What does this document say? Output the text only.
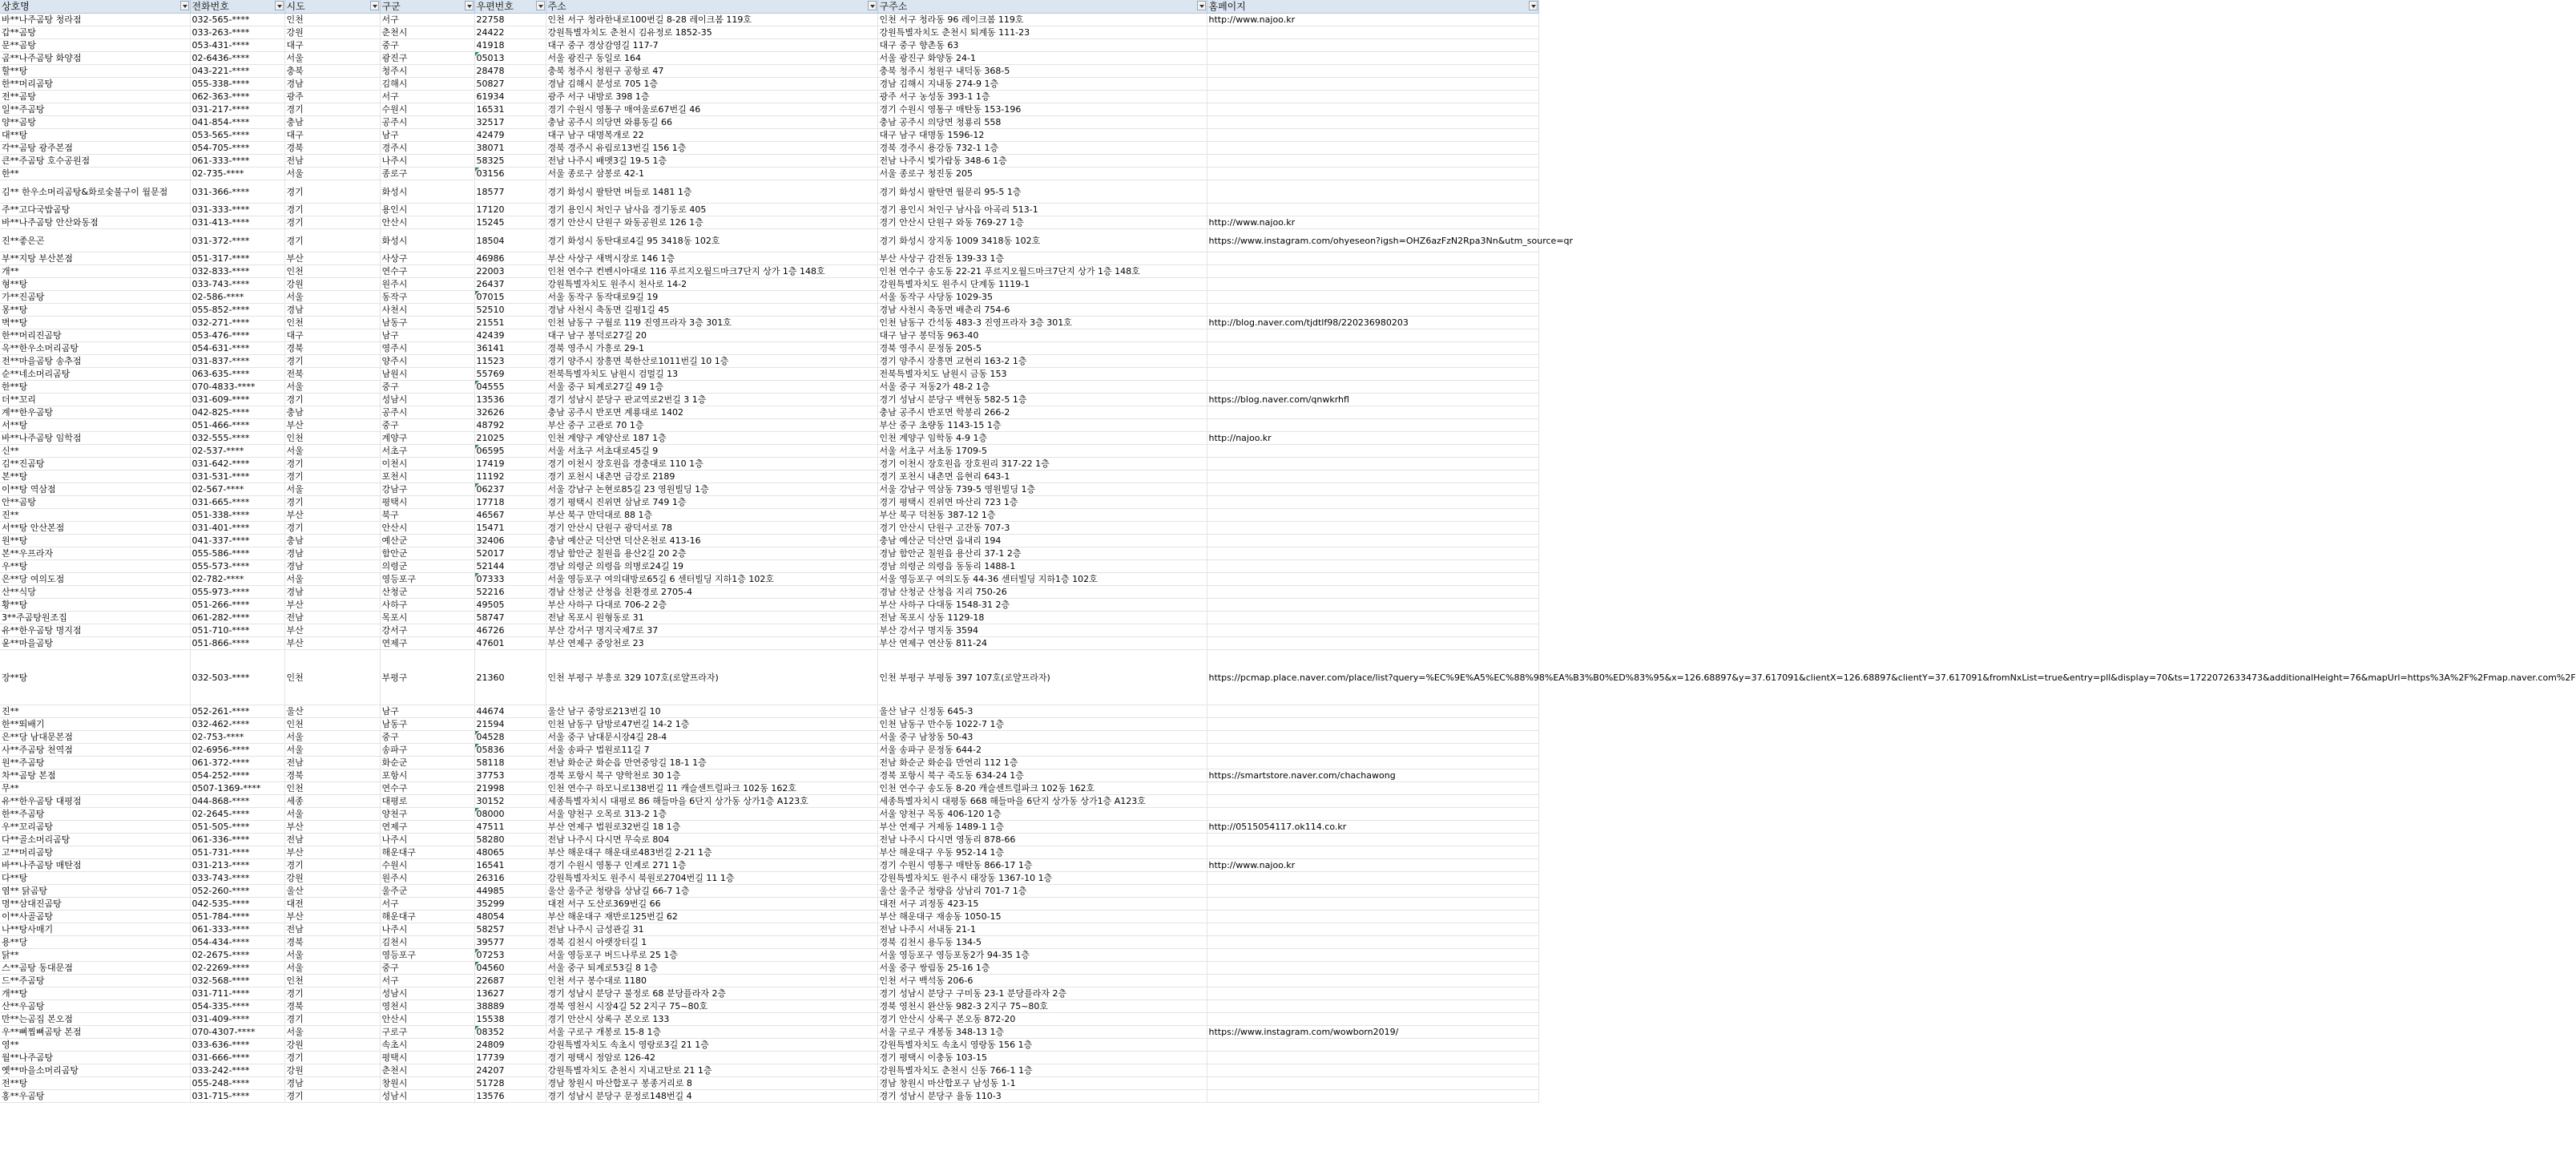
상호명	전화번호	시도	구군	우편번호	주소	구주소	홈페이지

바**나주곰탕 청라점	032-565-****	인천	서구	22758	인천 서구 청라한내로100번길 8-28 레이크봄 119호	인천 서구 청라동 96 레이크봄 119호	http://www.najoo.kr
갑**곰탕	033-263-****	강원	춘천시	24422	강원특별자치도 춘천시 김유정로 1852-35	강원특별자치도 춘천시 퇴계동 111-23	
문**곰탕	053-431-****	대구	중구	41918	대구 중구 경상감영길 117-7	대구 중구 향촌동 63	
곰**나주곰탕 화양점	02-6436-****	서울	광진구	05013	서울 광진구 동일로 164	서울 광진구 화양동 24-1	
할**탕	043-221-****	충북	청주시	28478	충북 청주시 청원구 공항로 47	충북 청주시 청원구 내덕동 368-5	
한**머리곰탕	055-338-****	경남	김해시	50827	경남 김해시 분성로 705 1층	경남 김해시 지내동 274-9 1층	
전**곰탕	062-363-****	광주	서구	61934	광주 서구 내방로 398 1층	광주 서구 농성동 393-1 1층	
일**주곰탕	031-217-****	경기	수원시	16531	경기 수원시 영통구 매여울로67번길 46	경기 수원시 영통구 매탄동 153-196	
양**곰탕	041-854-****	충남	공주시	32517	충남 공주시 의당면 와룡동길 66	충남 공주시 의당면 청룡리 558	
대**탕	053-565-****	대구	남구	42479	대구 남구 대명복개로 22	대구 남구 대명동 1596-12	
각**곰탕 광주본점	054-705-****	경북	경주시	38071	경북 경주시 유림로13번길 156 1층	경북 경주시 용강동 732-1 1층	
큰**주곰탕 호수공원점	061-333-****	전남	나주시	58325	전남 나주시 배멧3길 19-5 1층	전남 나주시 빛가람동 348-6 1층	
한**	02-735-****	서울	종로구	03156	서울 종로구 삼봉로 42-1	서울 종로구 청진동 205	
김** 한우소머리곰탕&화로숯불구이 월문점	031-366-****	경기	화성시	18577	경기 화성시 팔탄면 버들로 1481 1층	경기 화성시 팔탄면 월문리 95-5 1층	
주**고다국밥곰탕	031-333-****	경기	용인시	17120	경기 용인시 처인구 남사읍 경기동로 405	경기 용인시 처인구 남사읍 아곡리 513-1	
바**나주곰탕 안산와동점	031-413-****	경기	안산시	15245	경기 안산시 단원구 와동공원로 126 1층	경기 안산시 단원구 와동 769-27 1층	http://www.najoo.kr
진**좋은곤	031-372-****	경기	화성시	18504	경기 화성시 동탄대로4길 95 3418동 102호	경기 화성시 장지동 1009 3418동 102호	https://www.instagram.com/ohyeseon?igsh=OHZ6azFzN2Rpa3Nn&utm_source=qr
부**지탕 부산본점	051-317-****	부산	사상구	46986	부산 사상구 새벽시장로 146 1층	부산 사상구 감전동 139-33 1층	
개**	032-833-****	인천	연수구	22003	인천 연수구 컨벤시아대로 116 푸르지오월드마크7단지 상가 1층 148호	인천 연수구 송도동 22-21 푸르지오월드마크7단지 상가 1층 148호	
형**탕	033-743-****	강원	원주시	26437	강원특별자치도 원주시 천사로 14-2	강원특별자치도 원주시 단계동 1119-1	
가**진곰탕	02-586-****	서울	동작구	07015	서울 동작구 동작대로9길 19	서울 동작구 사당동 1029-35	
몽**탕	055-852-****	경남	사천시	52510	경남 사천시 축동면 길평1길 45	경남 사천시 축동면 배춘리 754-6	
벽**탕	032-271-****	인천	남동구	21551	인천 남동구 구월로 119 진영프라자 3층 301호	인천 남동구 간석동 483-3 진영프라자 3층 301호	http://blog.naver.com/tjdtlf98/220236980203
한**머리진곰탕	053-476-****	대구	남구	42439	대구 남구 봉덕로27길 20	대구 남구 봉덕동 963-40	
옥**한우소머리곰탕	054-631-****	경북	영주시	36141	경북 영주시 가흥로 29-1	경북 영주시 문정동 205-5	
전**마을곰탕 송추점	031-837-****	경기	양주시	11523	경기 양주시 장흥면 북한산로1011번길 10 1층	경기 양주시 장흥면 교현리 163-2 1층	
순**네소머리곰탕	063-635-****	전북	남원시	55769	전북특별자치도 남원시 검멀길 13	전북특별자치도 남원시 금동 153	
한**탕	070-4833-****	서울	중구	04555	서울 중구 퇴계로27길 49 1층	서울 중구 저동2가 48-2 1층	
더**꼬리	031-609-****	경기	성남시	13536	경기 성남시 분당구 판교역로2번길 3 1층	경기 성남시 분당구 백현동 582-5 1층	https://blog.naver.com/qnwkrhfl
계**한우곰탕	042-825-****	충남	공주시	32626	충남 공주시 반포면 계룡대로 1402	충남 공주시 반포면 학봉리 266-2	
서**탕	051-466-****	부산	중구	48792	부산 중구 고관로 70 1층	부산 중구 초량동 1143-15 1층	
바**나주곰탕 임학점	032-555-****	인천	계양구	21025	인천 계양구 계양산로 187 1층	인천 계양구 임학동 4-9 1층	http://najoo.kr
신**	02-537-****	서울	서초구	06595	서울 서초구 서초대로45길 9	서울 서초구 서초동 1709-5	
김**진곰탕	031-642-****	경기	이천시	17419	경기 이천시 장호원읍 경충대로 110 1층	경기 이천시 장호원읍 장호원리 317-22 1층	
본**탕	031-531-****	경기	포천시	11192	경기 포천시 내촌면 금강로 2189	경기 포천시 내촌면 음현리 643-1	
이**탕 역삼점	02-567-****	서울	강남구	06237	서울 강남구 논현로85길 23 영원빌딩 1층	서울 강남구 역삼동 739-5 영원빌딩 1층	
안**곰탕	031-665-****	경기	평택시	17718	경기 평택시 진위면 삼남로 749 1층	경기 평택시 진위면 마산리 723 1층	
진**	051-338-****	부산	북구	46567	부산 북구 만덕대로 88 1층	부산 북구 덕천동 387-12 1층	
서**탕 안산본점	031-401-****	경기	안산시	15471	경기 안산시 단원구 광덕서로 78	경기 안산시 단원구 고잔동 707-3	
원**탕	041-337-****	충남	예산군	32406	충남 예산군 덕산면 덕산온천로 413-16	충남 예산군 덕산면 읍내리 194	
본**우프라자	055-586-****	경남	함안군	52017	경남 함안군 칠원읍 용산2길 20 2층	경남 함안군 칠원읍 용산리 37-1 2층	
우**탕	055-573-****	경남	의령군	52144	경남 의령군 의령읍 의병로24길 19	경남 의령군 의령읍 동동리 1488-1	
은**당 여의도점	02-782-****	서울	영등포구	07333	서울 영등포구 여의대방로65길 6 센터빌딩 지하1층 102호	서울 영등포구 여의도동 44-36 센터빌딩 지하1층 102호	
산**식당	055-973-****	경남	산청군	52216	경남 산청군 산청읍 친환경로 2705-4	경남 산청군 산청읍 지리 750-26	
황**탕	051-266-****	부산	사하구	49505	부산 사하구 다대로 706-2 2층	부산 사하구 다대동 1548-31 2층	
3**주곰탕원조집	061-282-****	전남	목포시	58747	전남 목포시 원형동로 31	전남 목포시 상동 1129-18	
유**한우곰탕 명지점	051-710-****	부산	강서구	46726	부산 강서구 명지국제7로 37	부산 강서구 명지동 3594	
윤**마을곰탕	051-866-****	부산	연제구	47601	부산 연제구 중앙천로 23	부산 연제구 연산동 811-24	
장**탕	032-503-****	인천	부평구	21360	인천 부평구 부흥로 329 107호(로얄프라자)	인천 부평구 부평동 397 107호(로얄프라자)	https://pcmap.place.naver.com/place/list?query=%EC%9E%A5%EC%88%98%EA%B3%B0%ED%83%95&x=126.68897&y=37.617091&clientX=126.68897&clientY=37.617091&fromNxList=true&entry=pll&display=70&ts=1722072633473&additionalHeight=76&mapUrl=https%3A%2F%2Fmap.naver.com%2F
진**	052-261-****	울산	남구	44674	울산 남구 중앙로213번길 10	울산 남구 신정동 645-3	
한**뙤배기	032-462-****	인천	남동구	21594	인천 남동구 담방로47번길 14-2 1층	인천 남동구 만수동 1022-7 1층	
은**당 남대문본점	02-753-****	서울	중구	04528	서울 중구 남대문시장4길 28-4	서울 중구 남창동 50-43	
사**주곰탕 천역점	02-6956-****	서울	송파구	05836	서울 송파구 법원로11길 7	서울 송파구 문정동 644-2	
원**주곰탕	061-372-****	전남	화순군	58118	전남 화순군 화순읍 만연중앙길 18-1 1층	전남 화순군 화순읍 만연리 112 1층	
차**곰탕 본점	054-252-****	경북	포항시	37753	경북 포항시 북구 양학천로 30 1층	경북 포항시 북구 죽도동 634-24 1층	https://smartstore.naver.com/chachawong
무**	0507-1369-****	인천	연수구	21998	인천 연수구 하모니로138번길 11 캐슬센트럴파크 102동 162호	인천 연수구 송도동 8-20 캐슬센트럴파크 102동 162호	
유**한우곰탕 대평점	044-868-****	세종	대평로	30152	세종특별자치시 대평로 86 해들마을 6단지 상가동 상가1층 A123호	세종특별자치시 대평동 668 해들마을 6단지 상가동 상가1층 A123호	
한**주곰탕	02-2645-****	서울	양천구	08000	서울 양천구 오목로 313-2 1층	서울 양천구 목동 406-120 1층	
우**꼬리곰탕	051-505-****	부산	연제구	47511	부산 연제구 법원로32번길 18 1층	부산 연제구 거제동 1489-1 1층	http://0515054117.ok114.co.kr
다**골소머리곰탕	061-336-****	전남	나주시	58280	전남 나주시 다시면 무숙로 804	전남 나주시 다시면 영동리 878-66	
고**머리곰탕	051-731-****	부산	해운대구	48065	부산 해운대구 해운대로483번길 2-21 1층	부산 해운대구 우동 952-14 1층	
바**나주곰탕 매탄점	031-213-****	경기	수원시	16541	경기 수원시 영통구 인계로 271 1층	경기 수원시 영통구 매탄동 866-17 1층	http://www.najoo.kr
다**탕	033-743-****	강원	원주시	26316	강원특별자치도 원주시 북원로2704번길 11 1층	강원특별자치도 원주시 태장동 1367-10 1층	
염** 닭곰탕	052-260-****	울산	울주군	44985	울산 울주군 청량읍 상남길 66-7 1층	울산 울주군 청량읍 상남리 701-7 1층	
명**삼대진곰탕	042-535-****	대전	서구	35299	대전 서구 도산로369번길 66	대전 서구 괴정동 423-15	
이**사골곰탕	051-784-****	부산	해운대구	48054	부산 해운대구 재반로125번길 62	부산 해운대구 재송동 1050-15	
나**탕사매기	061-333-****	전남	나주시	58257	전남 나주시 금성관길 31	전남 나주시 서내동 21-1	
용**당	054-434-****	경북	김천시	39577	경북 김천시 아랫장터길 1	경북 김천시 용두동 134-5	
닭**	02-2675-****	서울	영등포구	07253	서울 영등포구 버드나루로 25 1층	서울 영등포구 영등포동2가 94-35 1층	
스**곰탕 동대문점	02-2269-****	서울	중구	04560	서울 중구 퇴계로53길 8 1층	서울 중구 쌍림동 25-16 1층	
드**주곰탕	032-568-****	인천	서구	22687	인천 서구 봉수대로 1180	인천 서구 백석동 206-6	
개**탕	031-711-****	경기	성남시	13627	경기 성남시 분당구 불정로 68 분당플라자 2층	경기 성남시 분당구 구미동 23-1 분당플라자 2층	
산**우곰탕	054-335-****	경북	영천시	38889	경북 영천시 시장4길 52 2지구 75~80호	경북 영천시 완산동 982-3 2지구 75~80호	
만**는곰집 본오점	031-409-****	경기	안산시	15538	경기 안산시 상록구 본오로 133	경기 안산시 상록구 본오동 872-20	
우**뼈찜뼈곰탕 본점	070-4307-****	서울	구로구	08352	서울 구로구 개봉로 15-8 1층	서울 구로구 개봉동 348-13 1층	https://www.instagram.com/wowborn2019/
영**	033-636-****	강원	속초시	24809	강원특별자치도 속초시 영랑로3길 21 1층	강원특별자치도 속초시 영랑동 156 1층	
월**나주곰탕	031-666-****	경기	평택시	17739	경기 평택시 정암로 126-42	경기 평택시 이충동 103-15	
옛**마을소머리곰탕	033-242-****	강원	춘천시	24207	강원특별자치도 춘천시 지내고탄로 21 1층	강원특별자치도 춘천시 신동 766-1 1층	
전**탕	055-248-****	경남	창원시	51728	경남 창원시 마산합포구 봉종거리로 8	경남 창원시 마산합포구 남성동 1-1	
홍**우곰탕	031-715-****	경기	성남시	13576	경기 성남시 분당구 문정로148번길 4	경기 성남시 분당구 율동 110-3	
